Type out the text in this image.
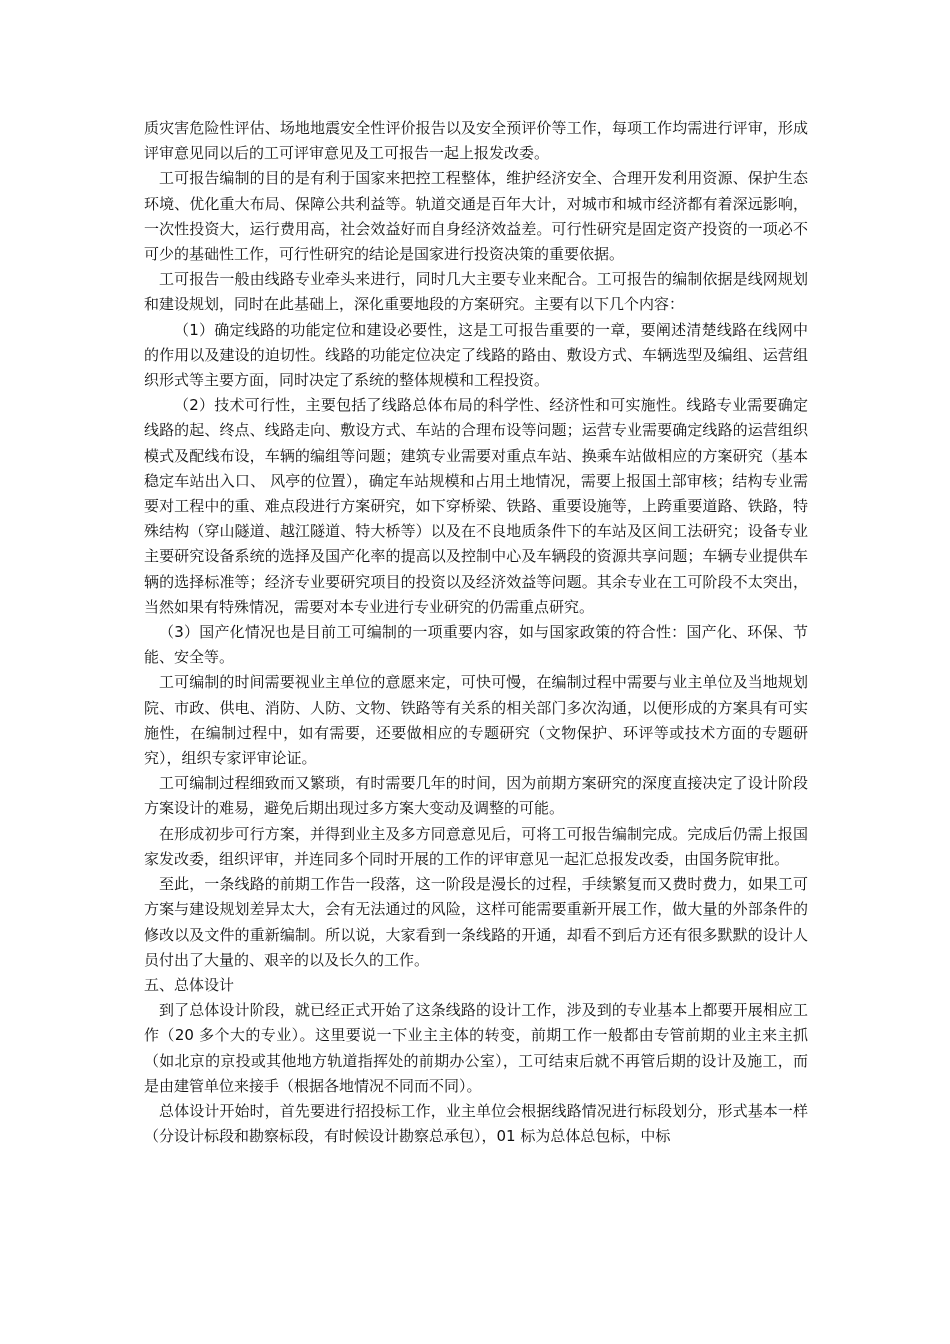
质灾害危险性评估、场地地震安全性评价报告以及安全预评价等工作，每项工作均需进行评审，形成评审意见同以后的工可评审意见及工可报告一起上报发改委。

工可报告编制的目的是有利于国家来把控工程整体，维护经济安全、合理开发利用资源、保护生态环境、优化重大布局、保障公共利益等。轨道交通是百年大计，对城市和城市经济都有着深远影响，一次性投资大，运行费用高，社会效益好而自身经济效益差。可行性研究是固定资产投资的一项必不可少的基础性工作，可行性研究的结论是国家进行投资决策的重要依据。

工可报告一般由线路专业牵头来进行，同时几大主要专业来配合。工可报告的编制依据是线网规划和建设规划，同时在此基础上，深化重要地段的方案研究。主要有以下几个内容：

（1）确定线路的功能定位和建设必要性，这是工可报告重要的一章，要阐述清楚线路在线网中的作用以及建设的迫切性。线路的功能定位决定了线路的路由、敷设方式、车辆选型及编组、运营组织形式等主要方面，同时决定了系统的整体规模和工程投资。

（2）技术可行性，主要包括了线路总体布局的科学性、经济性和可实施性。线路专业需要确定线路的起、终点、线路走向、敷设方式、车站的合理布设等问题；运营专业需要确定线路的运营组织模式及配线布设，车辆的编组等问题；建筑专业需要对重点车站、换乘车站做相应的方案研究（基本稳定车站出入口、 风亭的位置），确定车站规模和占用土地情况，需要上报国土部审核；结构专业需要对工程中的重、难点段进行方案研究，如下穿桥梁、铁路、重要设施等，上跨重要道路、铁路，特殊结构（穿山隧道、越江隧道、特大桥等）以及在不良地质条件下的车站及区间工法研究；设备专业主要研究设备系统的选择及国产化率的提高以及控制中心及车辆段的资源共享问题；车辆专业提供车辆的选择标准等；经济专业要研究项目的投资以及经济效益等问题。其余专业在工可阶段不太突出，当然如果有特殊情况，需要对本专业进行专业研究的仍需重点研究。

（3）国产化情况也是目前工可编制的一项重要内容，如与国家政策的符合性：国产化、环保、节能、安全等。

工可编制的时间需要视业主单位的意愿来定，可快可慢，在编制过程中需要与业主单位及当地规划院、市政、供电、消防、人防、文物、铁路等有关系的相关部门多次沟通，以便形成的方案具有可实施性，在编制过程中，如有需要，还要做相应的专题研究（文物保护、环评等或技术方面的专题研究），组织专家评审论证。

工可编制过程细致而又繁琐，有时需要几年的时间，因为前期方案研究的深度直接决定了设计阶段方案设计的难易，避免后期出现过多方案大变动及调整的可能。

在形成初步可行方案，并得到业主及多方同意意见后，可将工可报告编制完成。完成后仍需上报国家发改委，组织评审，并连同多个同时开展的工作的评审意见一起汇总报发改委，由国务院审批。

至此，一条线路的前期工作告一段落，这一阶段是漫长的过程，手续繁复而又费时费力，如果工可方案与建设规划差异太大，会有无法通过的风险，这样可能需要重新开展工作，做大量的外部条件的修改以及文件的重新编制。所以说，大家看到一条线路的开通，却看不到后方还有很多默默的设计人员付出了大量的、艰辛的以及长久的工作。

五、总体设计

到了总体设计阶段，就已经正式开始了这条线路的设计工作，涉及到的专业基本上都要开展相应工作（20 多个大的专业）。这里要说一下业主主体的转变，前期工作一般都由专管前期的业主来主抓（如北京的京投或其他地方轨道指挥处的前期办公室），工可结束后就不再管后期的设计及施工，而是由建管单位来接手（根据各地情况不同而不同）。

总体设计开始时，首先要进行招投标工作，业主单位会根据线路情况进行标段划分，形式基本一样（分设计标段和勘察标段，有时候设计勘察总承包），01 标为总体总包标，中标
